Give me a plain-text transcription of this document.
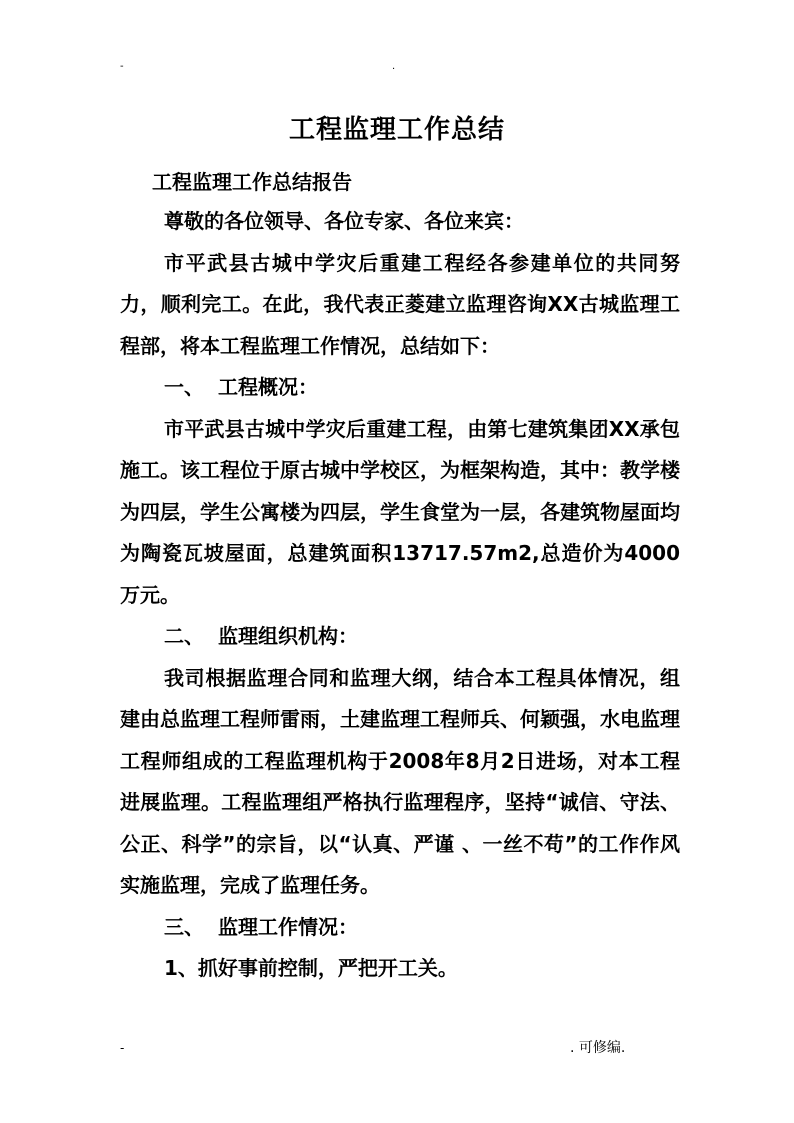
-	.
工程监理工作总结

工程监理工作总结报告

尊敬的各位领导、各位专家、各位来宾：

市平武县古城中学灾后重建工程经各参建单位的共同努力，顺利完工。在此，我代表正菱建立监理咨询XX古城监理工程部，将本工程监理工作情况，总结如下：

一、 工程概况：

市平武县古城中学灾后重建工程，由第七建筑集团XX承包施工。该工程位于原古城中学校区，为框架构造，其中：教学楼为四层，学生公寓楼为四层，学生食堂为一层，各建筑物屋面均为陶瓷瓦坡屋面，总建筑面积13717.57m2,总造价为4000万元。

二、 监理组织机构：

我司根据监理合同和监理大纲，结合本工程具体情况，组建由总监理工程师雷雨，土建监理工程师兵、何颖强，水电监理工程师组成的工程监理机构于2008年8月2日进场，对本工程进展监理。工程监理组严格执行监理程序，坚持“诚信、守法、公正、科学”的宗旨，以“认真、严谨 、一丝不苟”的工作作风实施监理，完成了监理任务。

三、 监理工作情况：

1、抓好事前控制，严把开工关。

-	. 可修编.
